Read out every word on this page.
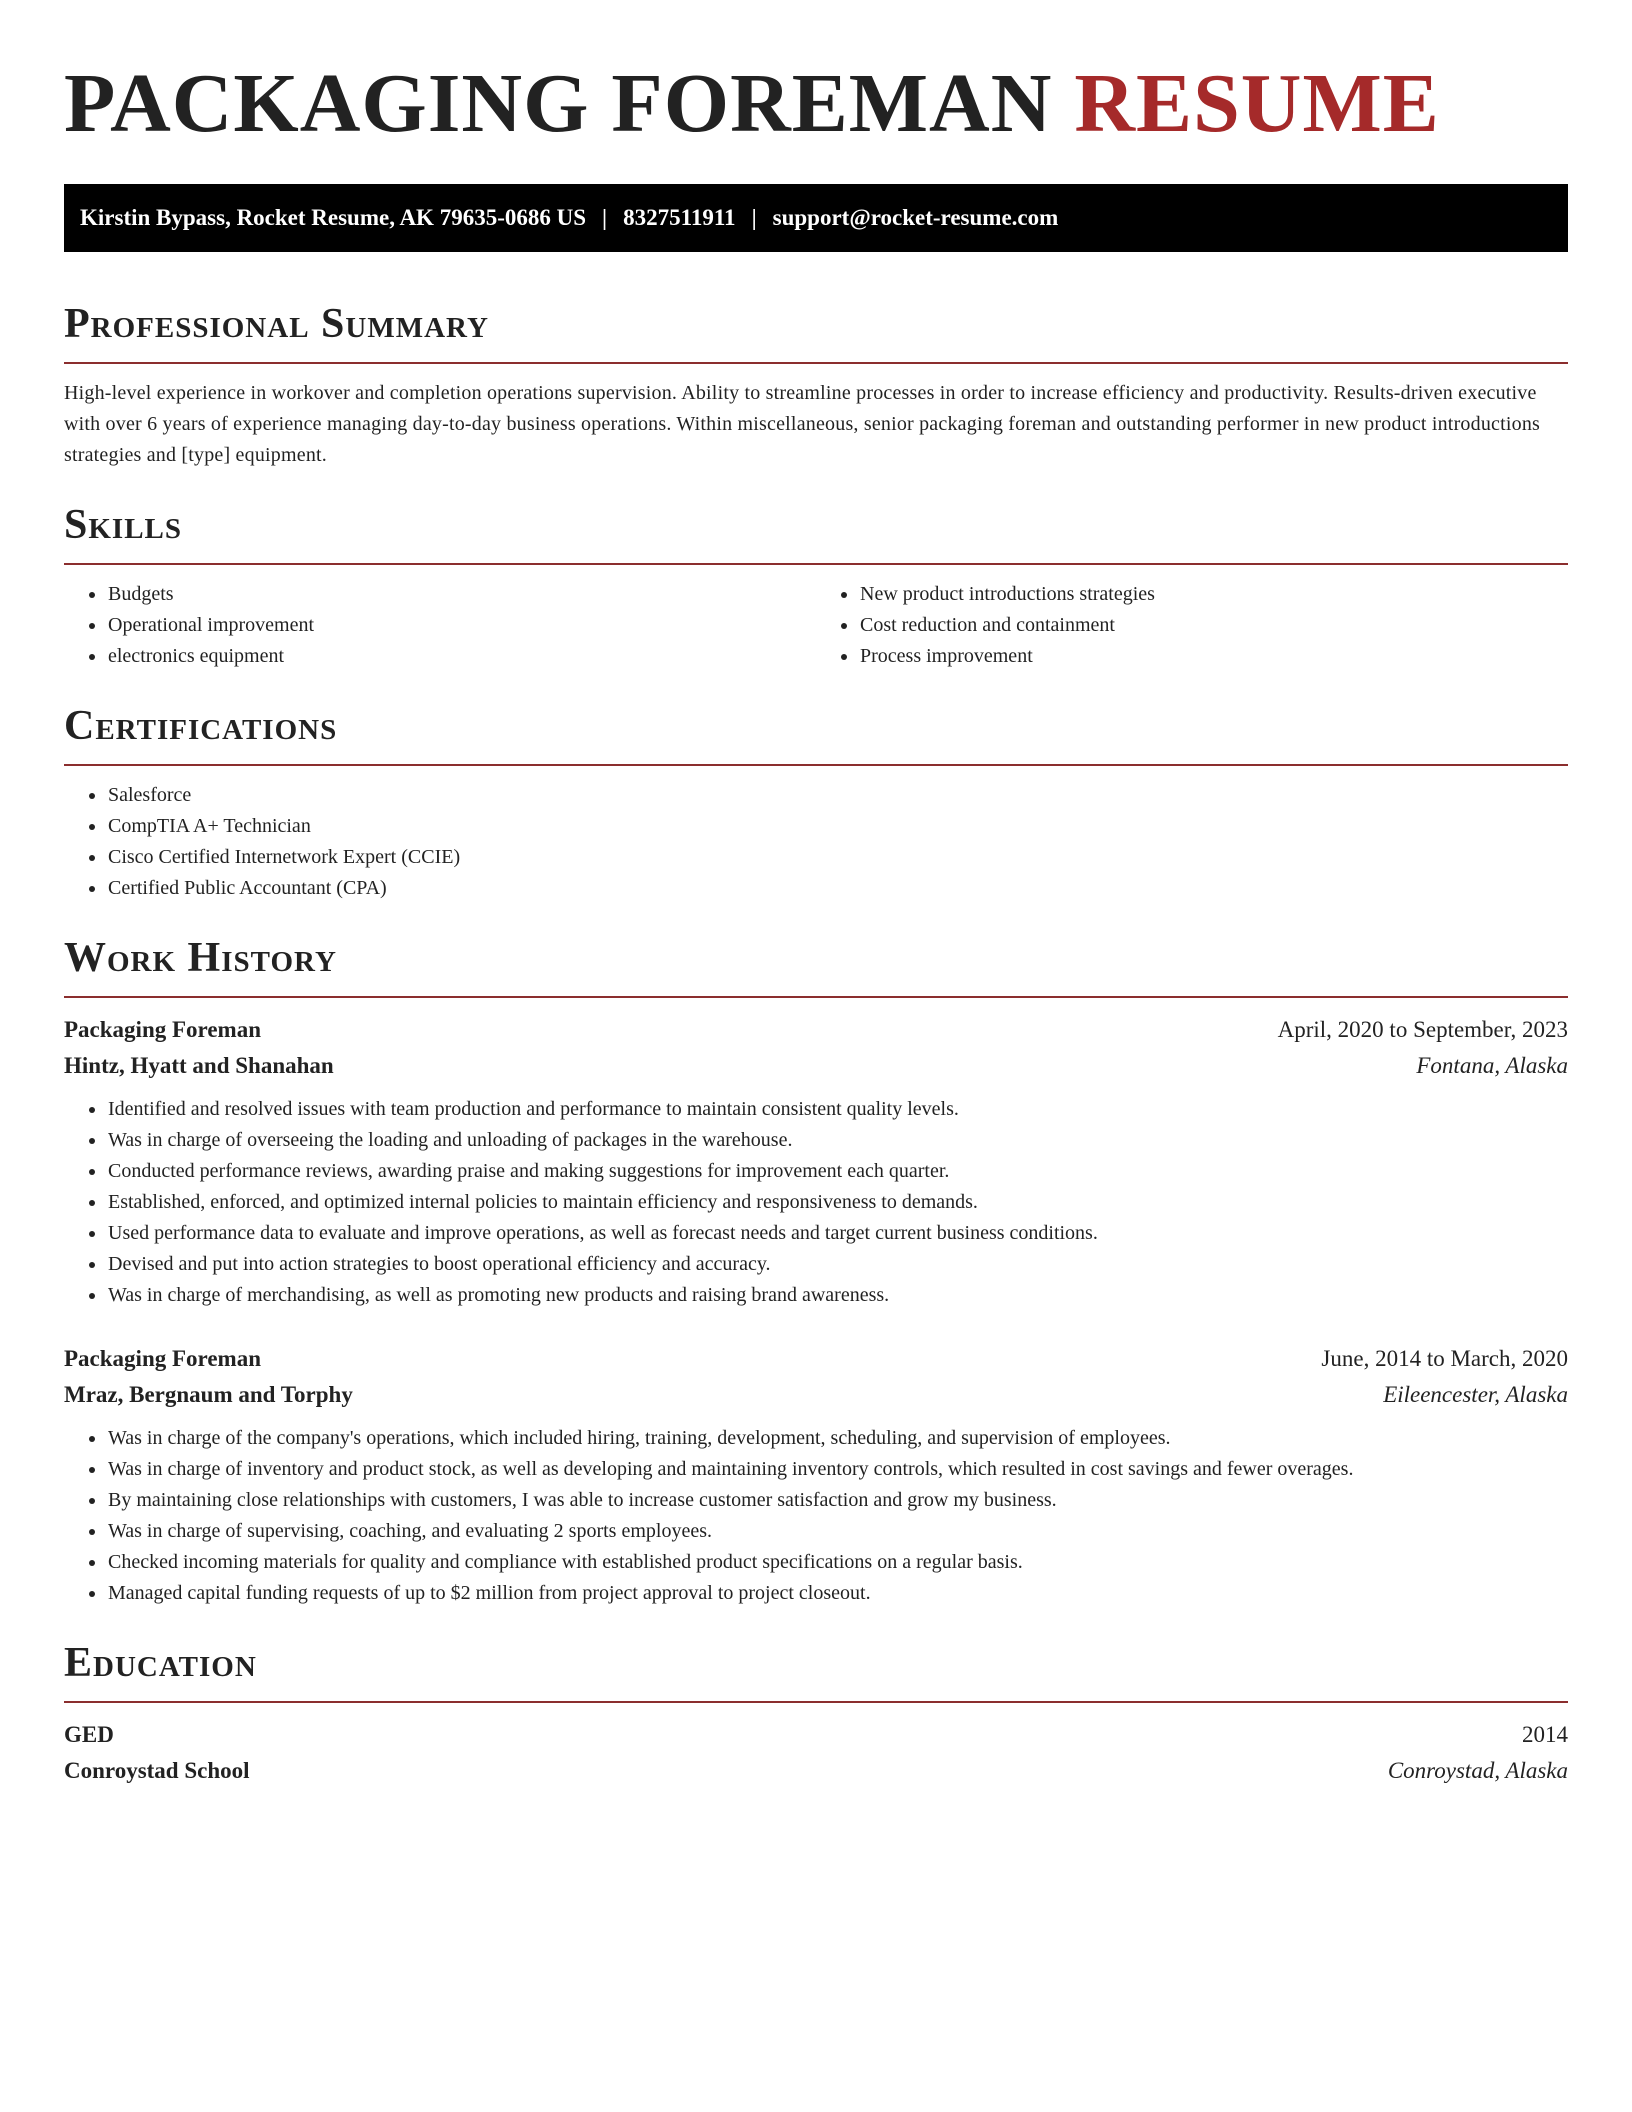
PACKAGING FOREMAN RESUME
Kirstin Bypass, Rocket Resume, AK 79635-0686 US | 8327511911 | support@rocket-resume.com
Professional Summary

High-level experience in workover and completion operations supervision. Ability to streamline processes in order to increase efficiency and productivity. Results-driven executive with over 6 years of experience managing day-to-day business operations. Within miscellaneous, senior packaging foreman and outstanding performer in new product introductions strategies and [type] equipment.

Skills
• Budgets
• Operational improvement
• electronics equipment
• New product introductions strategies
• Cost reduction and containment
• Process improvement
Certifications
• Salesforce
• CompTIA A+ Technician
• Cisco Certified Internetwork Expert (CCIE)
• Certified Public Accountant (CPA)
Work History
Packaging Foreman	April, 2020 to September, 2023
Hintz, Hyatt and Shanahan	Fontana, Alaska
• Identified and resolved issues with team production and performance to maintain consistent quality levels.
• Was in charge of overseeing the loading and unloading of packages in the warehouse.
• Conducted performance reviews, awarding praise and making suggestions for improvement each quarter.
• Established, enforced, and optimized internal policies to maintain efficiency and responsiveness to demands.
• Used performance data to evaluate and improve operations, as well as forecast needs and target current business conditions.
• Devised and put into action strategies to boost operational efficiency and accuracy.
• Was in charge of merchandising, as well as promoting new products and raising brand awareness.
Packaging Foreman	June, 2014 to March, 2020
Mraz, Bergnaum and Torphy	Eileencester, Alaska
• Was in charge of the company's operations, which included hiring, training, development, scheduling, and supervision of employees.
• Was in charge of inventory and product stock, as well as developing and maintaining inventory controls, which resulted in cost savings and fewer overages.
• By maintaining close relationships with customers, I was able to increase customer satisfaction and grow my business.
• Was in charge of supervising, coaching, and evaluating 2 sports employees.
• Checked incoming materials for quality and compliance with established product specifications on a regular basis.
• Managed capital funding requests of up to $2 million from project approval to project closeout.
Education
GED	2014
Conroystad School	Conroystad, Alaska
